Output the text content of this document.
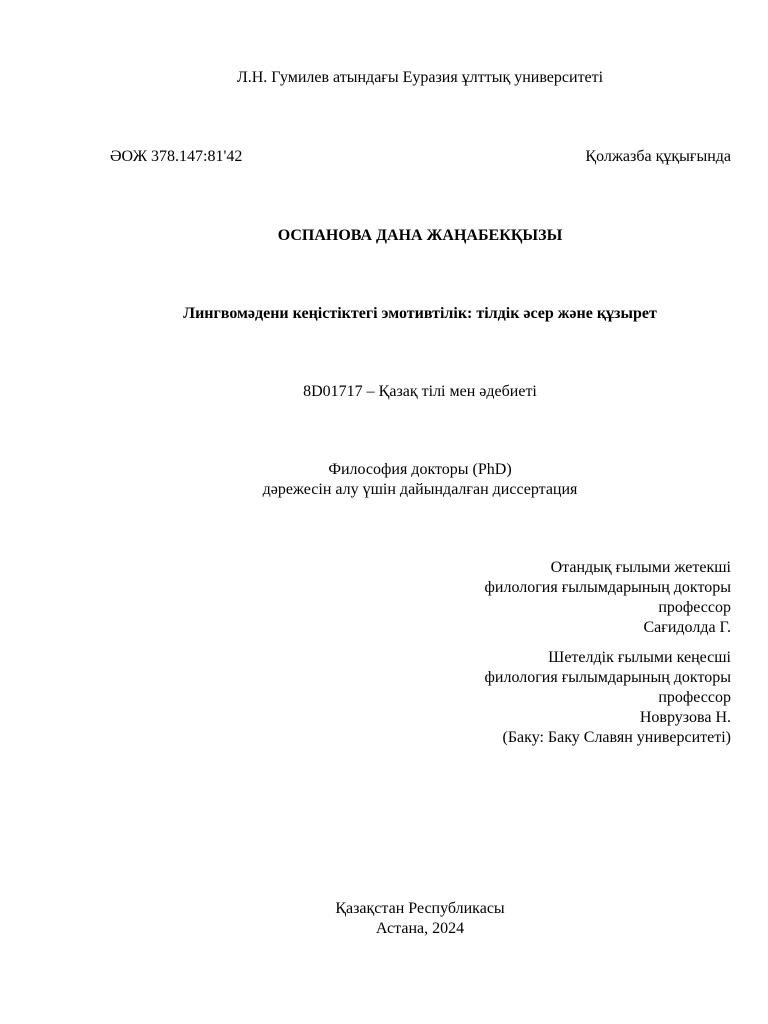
Л.Н. Гумилев атындағы Еуразия ұлттық университеті
ӘОЖ 378.147:81'42	Қолжазба құқығында
ОСПАНОВА ДАНА ЖАҢАБЕКҚЫЗЫ
Лингвомәдени кеңістіктегі эмотивтілік: тілдік әсер және құзырет
8D01717 – Қазақ тілі мен әдебиеті
Философия докторы (PhD)
дәрежесін алу үшін дайындалған диссертация
Отандық ғылыми жетекші
филология ғылымдарының докторы
профессор
Сағидолда Г.
Шетелдік ғылыми кеңесші
филология ғылымдарының докторы
профессор
Новрузова Н.
(Баку: Баку Славян университеті)
Қазақстан Республикасы
Астана, 2024
